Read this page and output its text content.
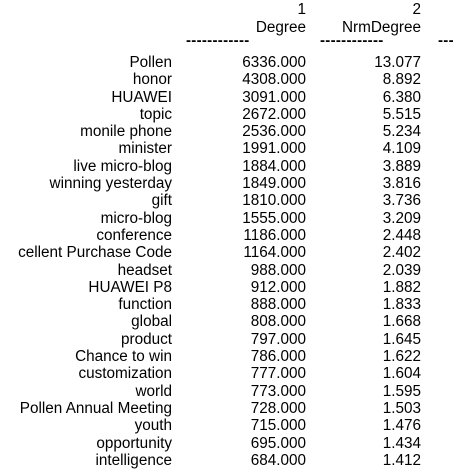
1
Degree
2
NrmDegree
------------	------------	---
Pollen	6336.000	13.077
honor	4308.000	8.892
HUAWEI	3091.000	6.380
topic	2672.000	5.515
monile phone	2536.000	5.234
minister	1991.000	4.109
live micro-blog	1884.000	3.889
winning yesterday	1849.000	3.816
gift	1810.000	3.736
micro-blog	1555.000	3.209
conference	1186.000	2.448
cellent Purchase Code	1164.000	2.402
headset	988.000	2.039
HUAWEI P8	912.000	1.882
function	888.000	1.833
global	808.000	1.668
product	797.000	1.645
Chance to win	786.000	1.622
customization	777.000	1.604
world	773.000	1.595
Pollen Annual Meeting	728.000	1.503
youth	715.000	1.476
opportunity	695.000	1.434
intelligence	684.000	1.412
